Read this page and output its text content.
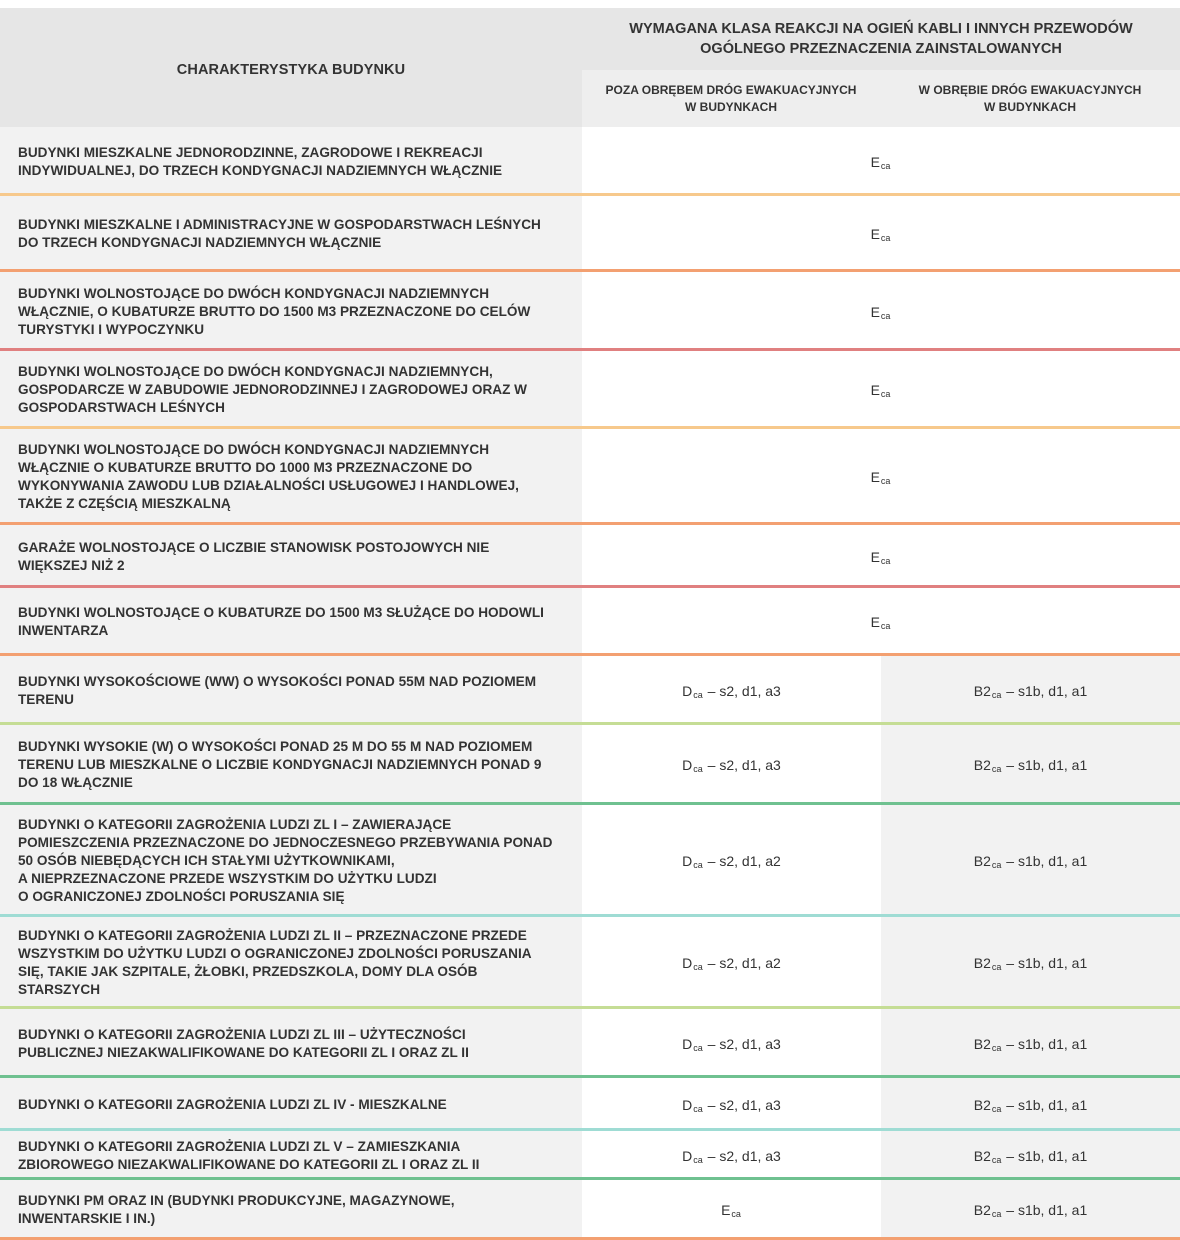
CHARAKTERYSTYKA BUDYNKU
WYMAGANA KLASA REAKCJI NA OGIEŃ KABLI I INNYCH PRZEWODÓW
OGÓLNEGO PRZEZNACZENIA ZAINSTALOWANYCH
POZA OBRĘBEM DRÓG EWAKUACYJNYCH
W BUDYNKACH
W OBRĘBIE DRÓG EWAKUACYJNYCH
W BUDYNKACH
BUDYNKI MIESZKALNE JEDNORODZINNE, ZAGRODOWE I REKREACJI
INDYWIDUALNEJ, DO TRZECH KONDYGNACJI NADZIEMNYCH WŁĄCZNIE
E ca
BUDYNKI MIESZKALNE I ADMINISTRACYJNE W GOSPODARSTWACH LEŚNYCH
DO TRZECH KONDYGNACJI NADZIEMNYCH WŁĄCZNIE
E ca
BUDYNKI WOLNOSTOJĄCE DO DWÓCH KONDYGNACJI NADZIEMNYCH
WŁĄCZNIE, O KUBATURZE BRUTTO DO 1500 M3 PRZEZNACZONE DO CELÓW
TURYSTYKI I WYPOCZYNKU
E ca
BUDYNKI WOLNOSTOJĄCE DO DWÓCH KONDYGNACJI NADZIEMNYCH,
GOSPODARCZE W ZABUDOWIE JEDNORODZINNEJ I ZAGRODOWEJ ORAZ W
GOSPODARSTWACH LEŚNYCH
E ca
BUDYNKI WOLNOSTOJĄCE DO DWÓCH KONDYGNACJI NADZIEMNYCH
WŁĄCZNIE O KUBATURZE BRUTTO DO 1000 M3 PRZEZNACZONE DO
WYKONYWANIA ZAWODU LUB DZIAŁALNOŚCI USŁUGOWEJ I HANDLOWEJ,
TAKŻE Z CZĘŚCIĄ MIESZKALNĄ
E ca
GARAŻE WOLNOSTOJĄCE O LICZBIE STANOWISK POSTOJOWYCH NIE
WIĘKSZEJ NIŻ 2
E ca
BUDYNKI WOLNOSTOJĄCE O KUBATURZE DO 1500 M3 SŁUŻĄCE DO HODOWLI
INWENTARZA
E ca
BUDYNKI WYSOKOŚCIOWE (WW) O WYSOKOŚCI PONAD 55M NAD POZIOMEM
TERENU
D ca – s2, d1, a3	B2 ca – s1b, d1, a1
BUDYNKI WYSOKIE (W) O WYSOKOŚCI PONAD 25 M DO 55 M NAD POZIOMEM
TERENU LUB MIESZKALNE O LICZBIE KONDYGNACJI NADZIEMNYCH PONAD 9
DO 18 WŁĄCZNIE
D ca – s2, d1, a3	B2 ca – s1b, d1, a1
BUDYNKI O KATEGORII ZAGROŻENIA LUDZI ZL I – ZAWIERAJĄCE
POMIESZCZENIA PRZEZNACZONE DO JEDNOCZESNEGO PRZEBYWANIA PONAD
50 OSÓB NIEBĘDĄCYCH ICH STAŁYMI UŻYTKOWNIKAMI,
A NIEPRZEZNACZONE PRZEDE WSZYSTKIM DO UŻYTKU LUDZI
O OGRANICZONEJ ZDOLNOŚCI PORUSZANIA SIĘ
D ca – s2, d1, a2	B2 ca – s1b, d1, a1
BUDYNKI O KATEGORII ZAGROŻENIA LUDZI ZL II – PRZEZNACZONE PRZEDE
WSZYSTKIM DO UŻYTKU LUDZI O OGRANICZONEJ ZDOLNOŚCI PORUSZANIA
SIĘ, TAKIE JAK SZPITALE, ŻŁOBKI, PRZEDSZKOLA, DOMY DLA OSÓB
STARSZYCH
D ca – s2, d1, a2	B2 ca – s1b, d1, a1
BUDYNKI O KATEGORII ZAGROŻENIA LUDZI ZL III – UŻYTECZNOŚCI
PUBLICZNEJ NIEZAKWALIFIKOWANE DO KATEGORII ZL I ORAZ ZL II
D ca – s2, d1, a3	B2 ca – s1b, d1, a1
BUDYNKI O KATEGORII ZAGROŻENIA LUDZI ZL IV - MIESZKALNE	D ca – s2, d1, a3	B2 ca – s1b, d1, a1
BUDYNKI O KATEGORII ZAGROŻENIA LUDZI ZL V – ZAMIESZKANIA
ZBIOROWEGO NIEZAKWALIFIKOWANE DO KATEGORII ZL I ORAZ ZL II
D ca – s2, d1, a3	B2 ca – s1b, d1, a1
BUDYNKI PM ORAZ IN (BUDYNKI PRODUKCYJNE, MAGAZYNOWE,
INWENTARSKIE I IN.)
E ca	B2 ca – s1b, d1, a1
